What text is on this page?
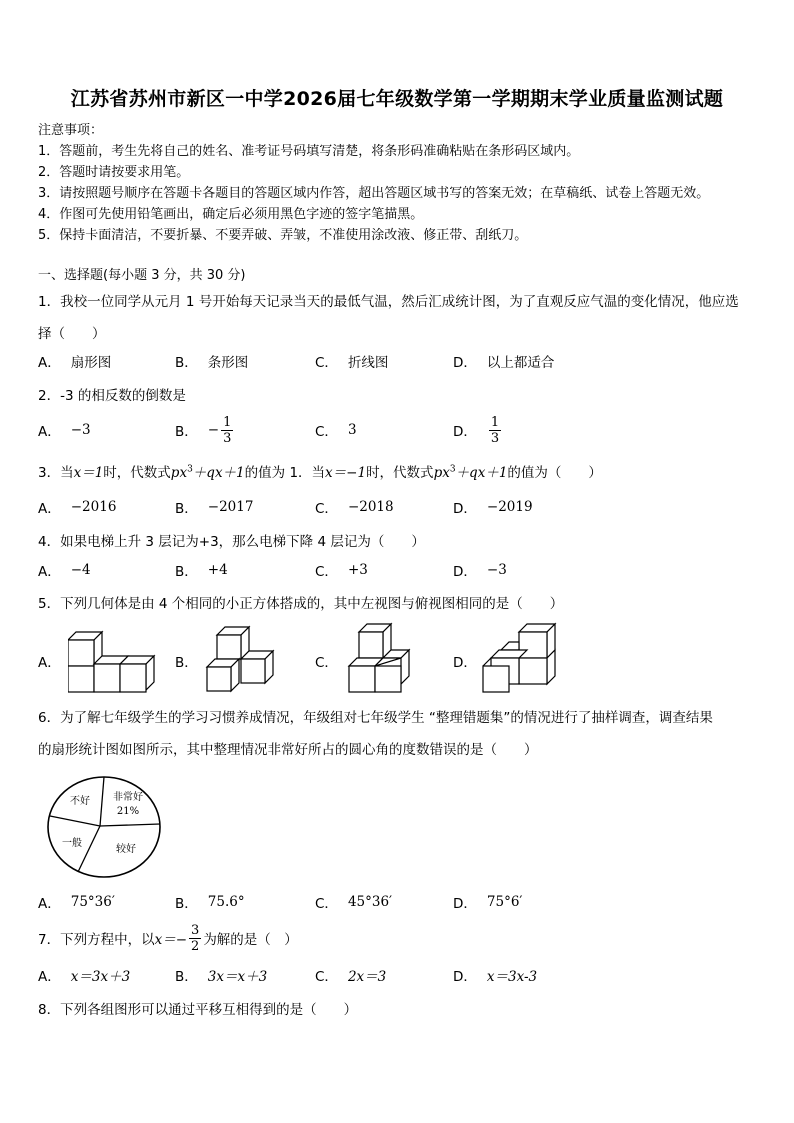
江苏省苏州市新区一中学2026届七年级数学第一学期期末学业质量监测试题
注意事项：
1．答题前，考生先将自己的姓名、准考证号码填写清楚，将条形码准确粘贴在条形码区域内。
2．答题时请按要求用笔。
3．请按照题号顺序在答题卡各题目的答题区域内作答，超出答题区域书写的答案无效；在草稿纸、试卷上答题无效。
4．作图可先使用铅笔画出，确定后必须用黑色字迹的签字笔描黑。
5．保持卡面清洁，不要折暴、不要弄破、弄皱，不准使用涂改液、修正带、刮纸刀。
一、选择题(每小题 3 分，共 30 分)
1．我校一位同学从元月 1 号开始每天记录当天的最低气温，然后汇成统计图，为了直观反应气温的变化情况，他应选
择（　　）
A． 扇形图	B． 条形图	C． 折线图	D． 以上都适合
2．-3 的相反数的倒数是
A． −3	B． − $\frac{1}{3}$	C． 3	D． $\frac{1}{3}$
3．当x＝1时，代数式$px^3+qx+1$的值为 1．当x＝−1时，代数式$px^3+qx+1$的值为（　　）
A． −2016	B． −2017	C． −2018	D． −2019
4．如果电梯上升 3 层记为+3，那么电梯下降 4 层记为（　　）
A． −4	B． +4	C． +3	D． −3
5．下列几何体是由 4 个相同的小正方体搭成的，其中左视图与俯视图相同的是（　　）
A．	B．	C．	D．
6．为了解七年级学生的学习习惯养成情况，年级组对七年级学生 “整理错题集”的情况进行了抽样调查，调查结果
的扇形统计图如图所示，其中整理情况非常好所占的圆心角的度数错误的是（　　）
非常好
21%
较好
一般
不好
A． 75°36′	B． 75.6°	C． 45°36′	D． 75°6′
7．下列方程中，以 $x=- \frac{3}{2}$ 为解的是（　）
A． x＝3x＋3	B． 3x＝x＋3	C． 2x＝3	D． x＝3x-3
8．下列各组图形可以通过平移互相得到的是（　　）
